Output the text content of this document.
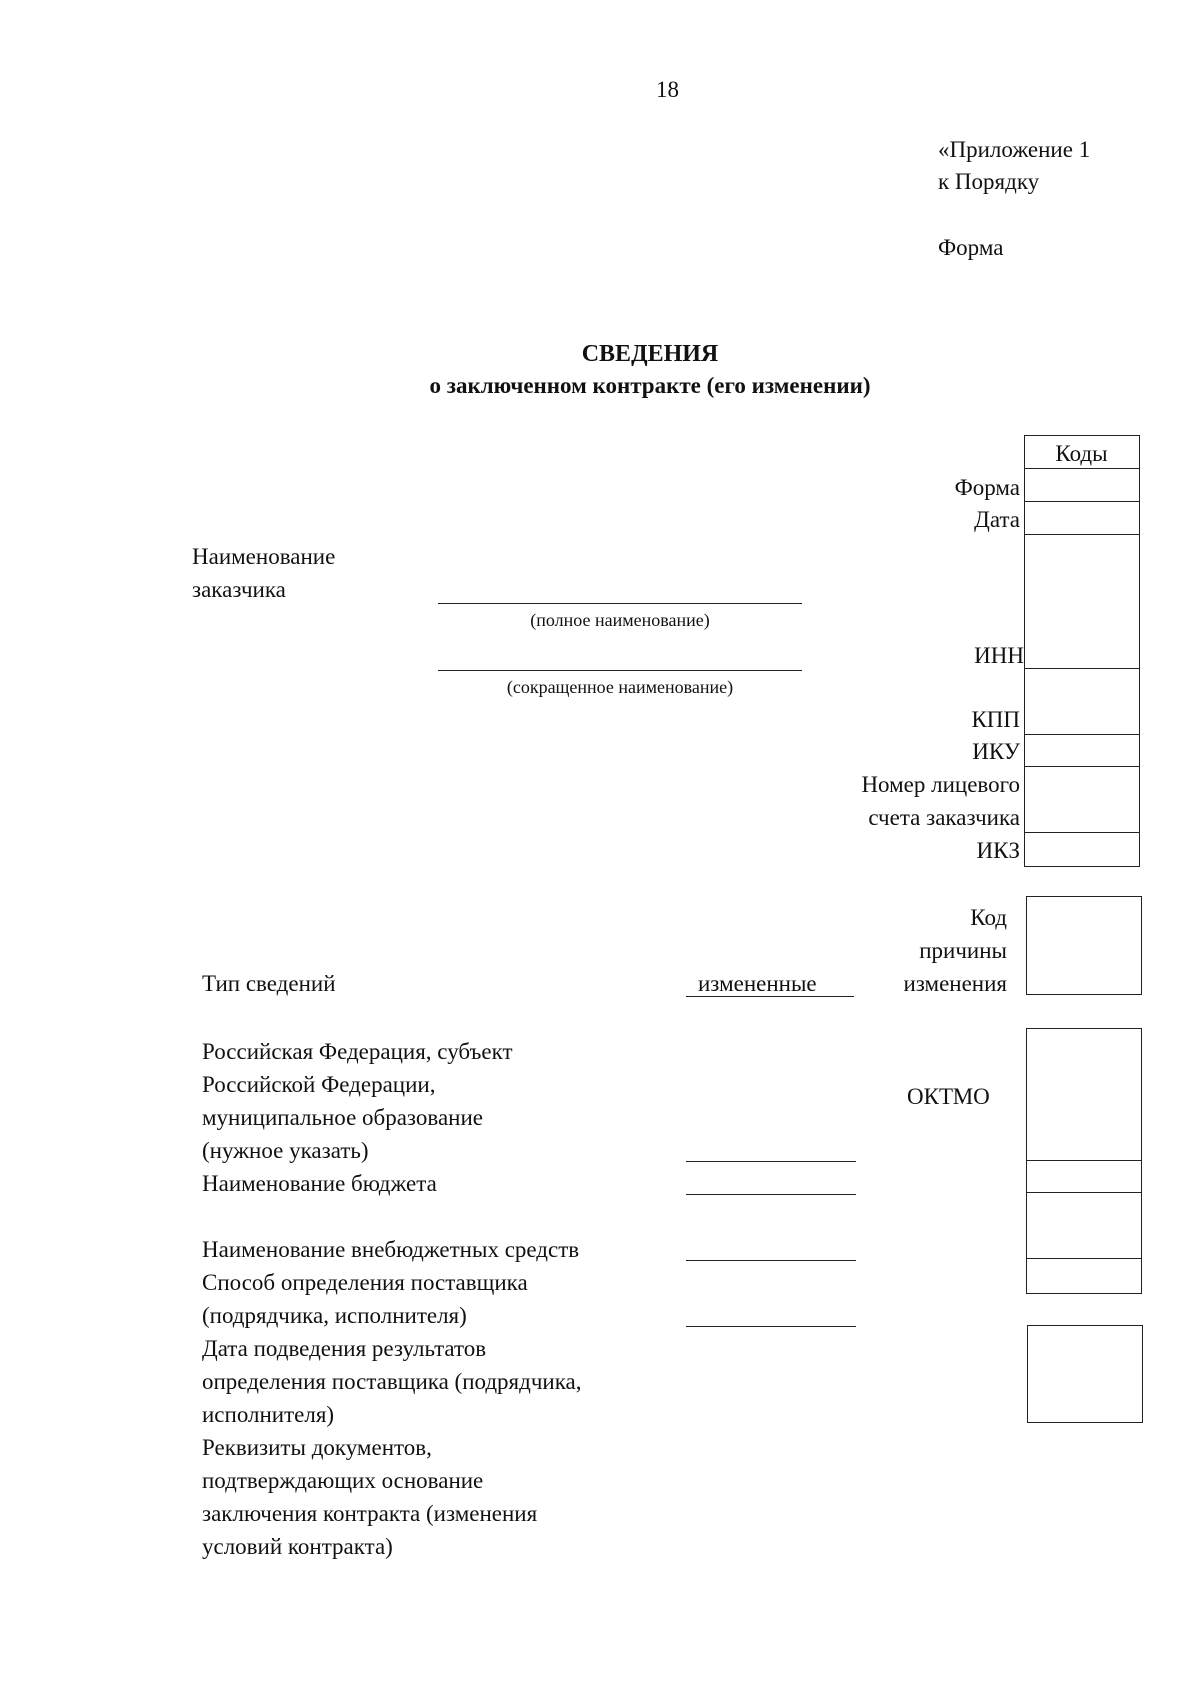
18
«Приложение 1
к Порядку
Форма
СВЕДЕНИЯ
о заключенном контракте (его изменении)
Коды
Форма
Дата
ИНН
КПП
ИКУ
Номер лицевого
счета заказчика
ИКЗ
Наименование
заказчика
(полное наименование)
(сокращенное наименование)
Код
причины
изменения
Тип сведений	измененные
Российская Федерация, субъект
Российской Федерации,
муниципальное образование
(нужное указать)
ОКТМО
Наименование бюджета
Наименование внебюджетных средств
Способ определения поставщика
(подрядчика, исполнителя)
Дата подведения результатов
определения поставщика (подрядчика,
исполнителя)
Реквизиты документов,
подтверждающих основание
заключения контракта (изменения
условий контракта)
